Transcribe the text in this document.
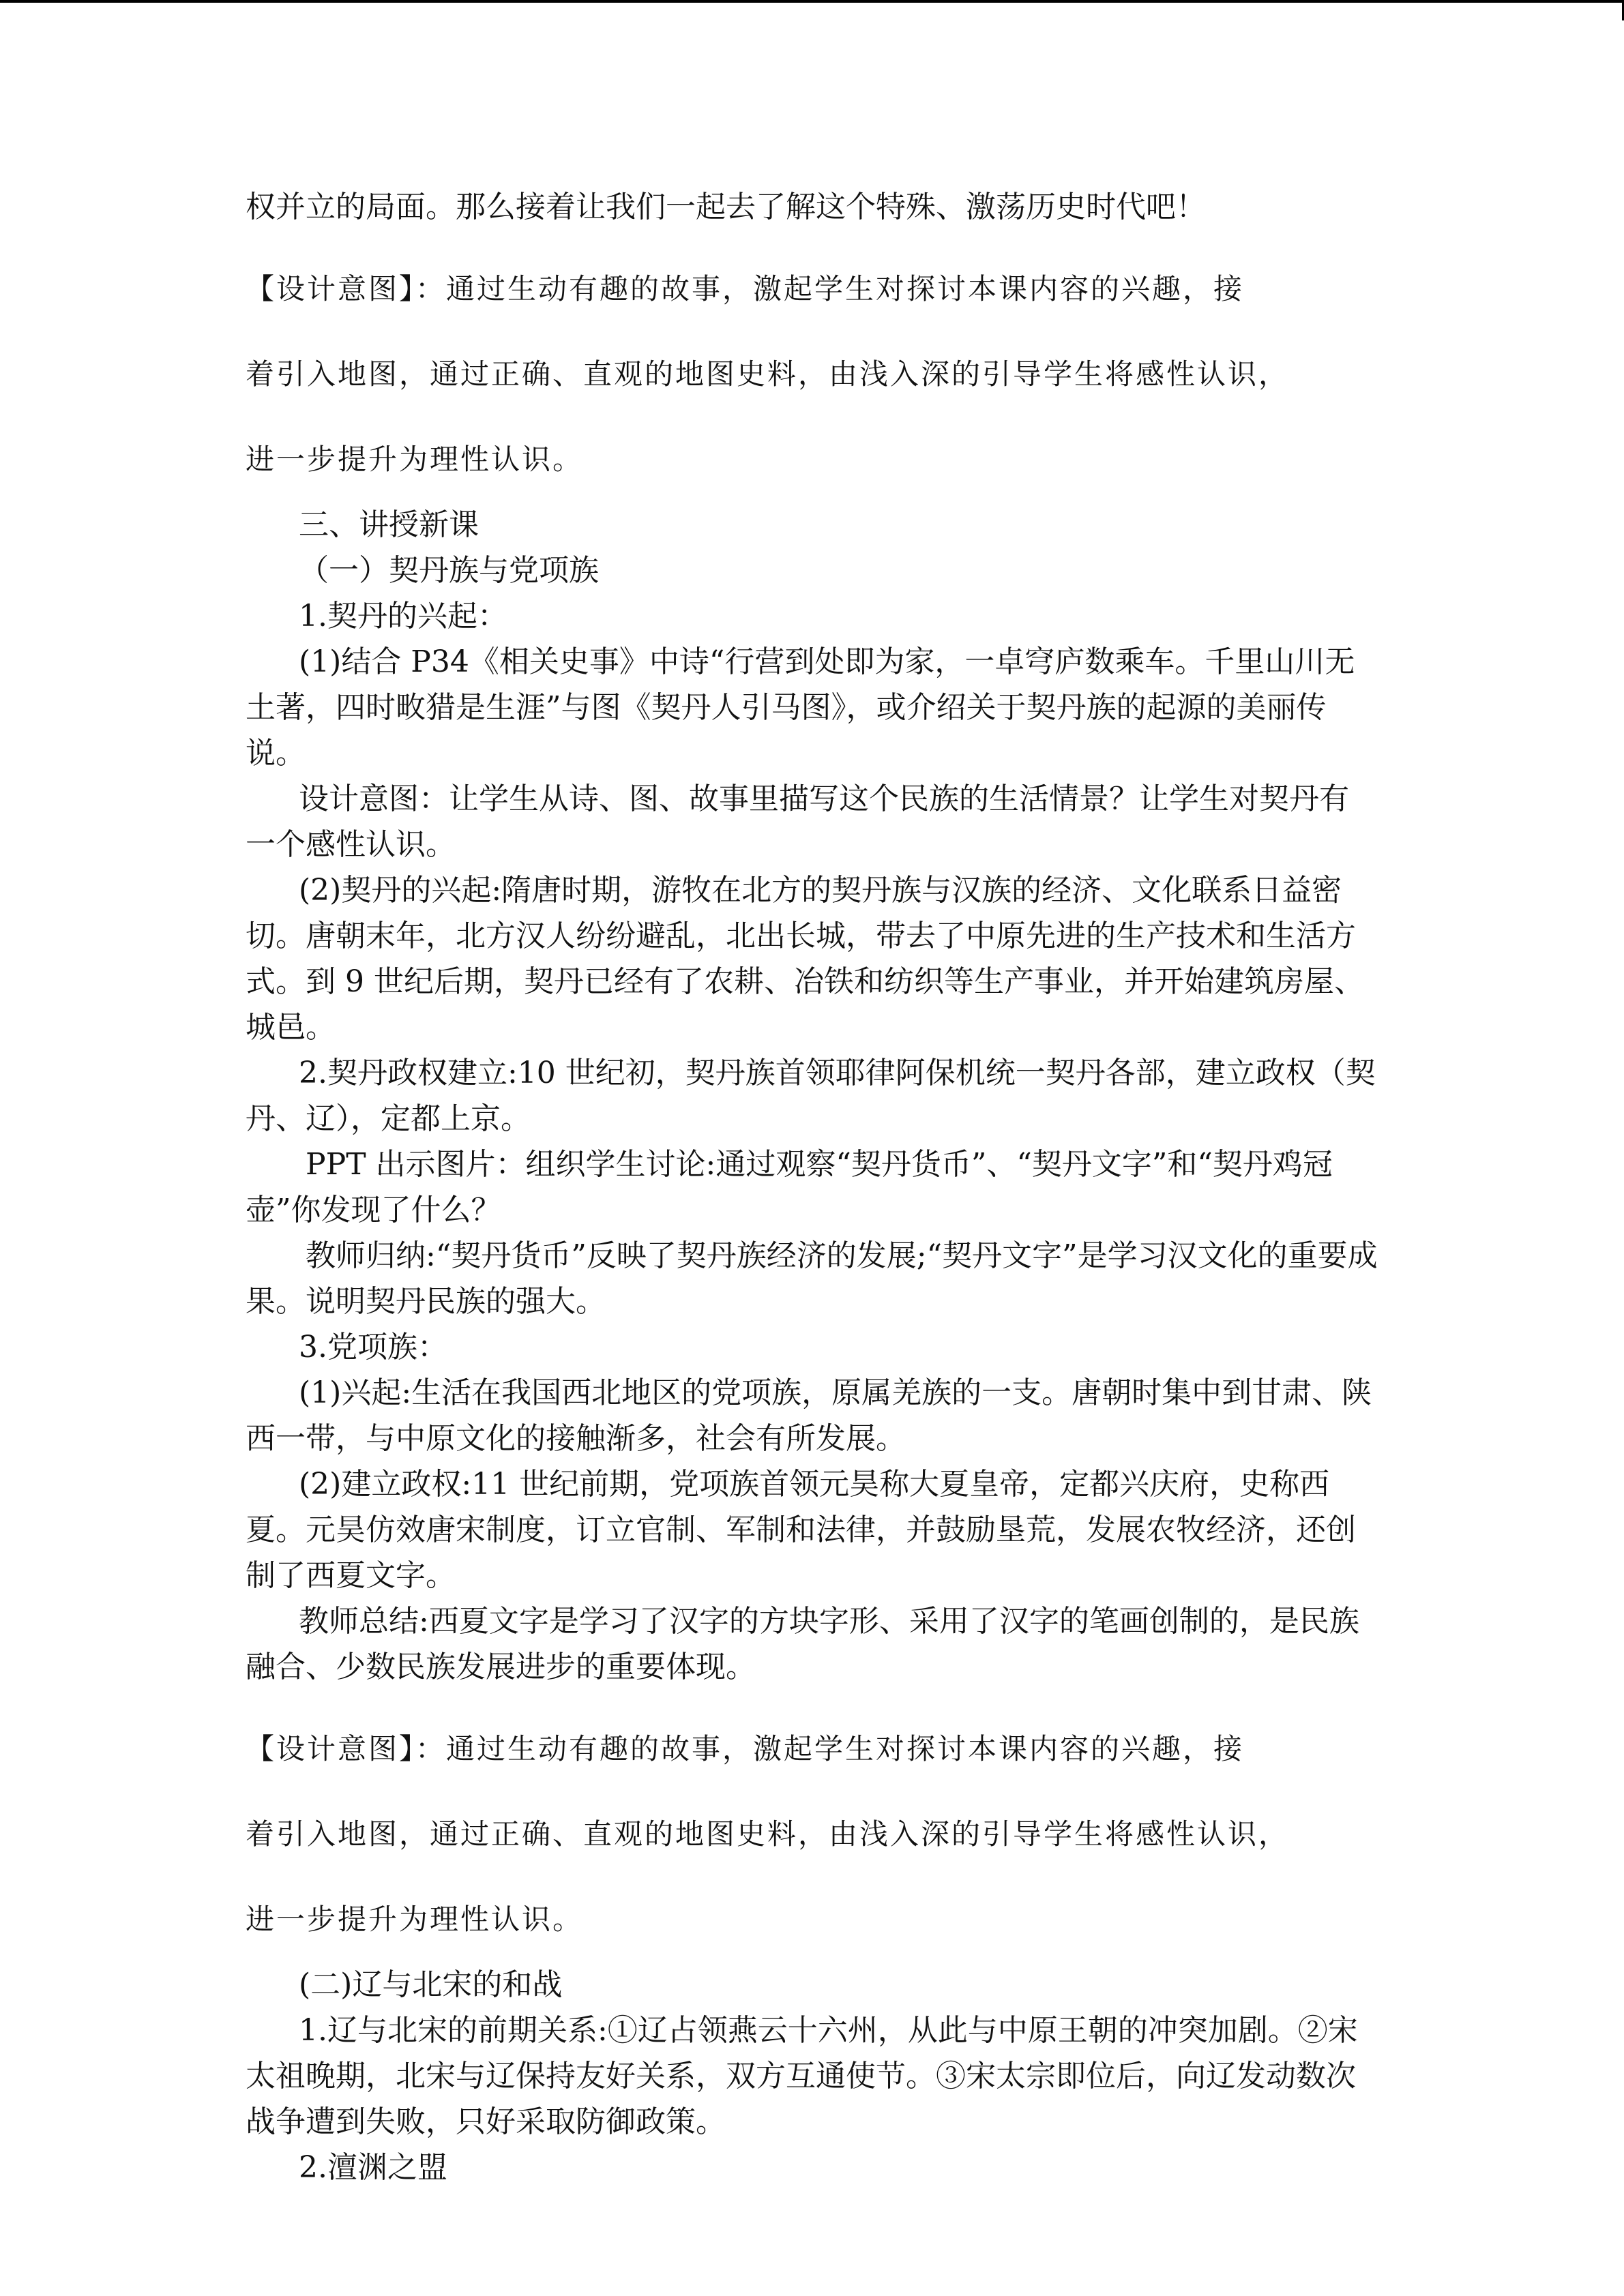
权并立的局面。那么接着让我们一起去了解这个特殊、激荡历史时代吧！

【设计意图】：通过生动有趣的故事，激起学生对探讨本课内容的兴趣，接

着引入地图，通过正确、直观的地图史料，由浅入深的引导学生将感性认识，

进一步提升为理性认识。

三、讲授新课

（一）契丹族与党项族

1.契丹的兴起：

(1)结合 P34《相关史事》中诗“行营到处即为家，一卓穹庐数乘车。千里山川无土著，四时畋猎是生涯”与图《契丹人引马图》，或介绍关于契丹族的起源的美丽传说。

设计意图：让学生从诗、图、故事里描写这个民族的生活情景？让学生对契丹有一个感性认识。

(2)契丹的兴起:隋唐时期，游牧在北方的契丹族与汉族的经济、文化联系日益密切。唐朝末年，北方汉人纷纷避乱，北出长城，带去了中原先进的生产技术和生活方式。到 9 世纪后期，契丹已经有了农耕、冶铁和纺织等生产事业，并开始建筑房屋、城邑。

2.契丹政权建立:10 世纪初，契丹族首领耶律阿保机统一契丹各部，建立政权（契丹、辽），定都上京。

PPT 出示图片：组织学生讨论:通过观察“契丹货币”、“契丹文字”和“契丹鸡冠壶”你发现了什么？

教师归纳:“契丹货币”反映了契丹族经济的发展;“契丹文字”是学习汉文化的重要成果。说明契丹民族的强大。

3.党项族：

(1)兴起:生活在我国西北地区的党项族，原属羌族的一支。唐朝时集中到甘肃、陕西一带，与中原文化的接触渐多，社会有所发展。

(2)建立政权:11 世纪前期，党项族首领元昊称大夏皇帝，定都兴庆府，史称西夏。元昊仿效唐宋制度，订立官制、军制和法律，并鼓励垦荒，发展农牧经济，还创制了西夏文字。

教师总结:西夏文字是学习了汉字的方块字形、采用了汉字的笔画创制的，是民族融合、少数民族发展进步的重要体现。

【设计意图】：通过生动有趣的故事，激起学生对探讨本课内容的兴趣，接

着引入地图，通过正确、直观的地图史料，由浅入深的引导学生将感性认识，

进一步提升为理性认识。

(二)辽与北宋的和战

1.辽与北宋的前期关系:①辽占领燕云十六州，从此与中原王朝的冲突加剧。②宋太祖晚期，北宋与辽保持友好关系，双方互通使节。③宋太宗即位后，向辽发动数次战争遭到失败，只好采取防御政策。

2.澶渊之盟
